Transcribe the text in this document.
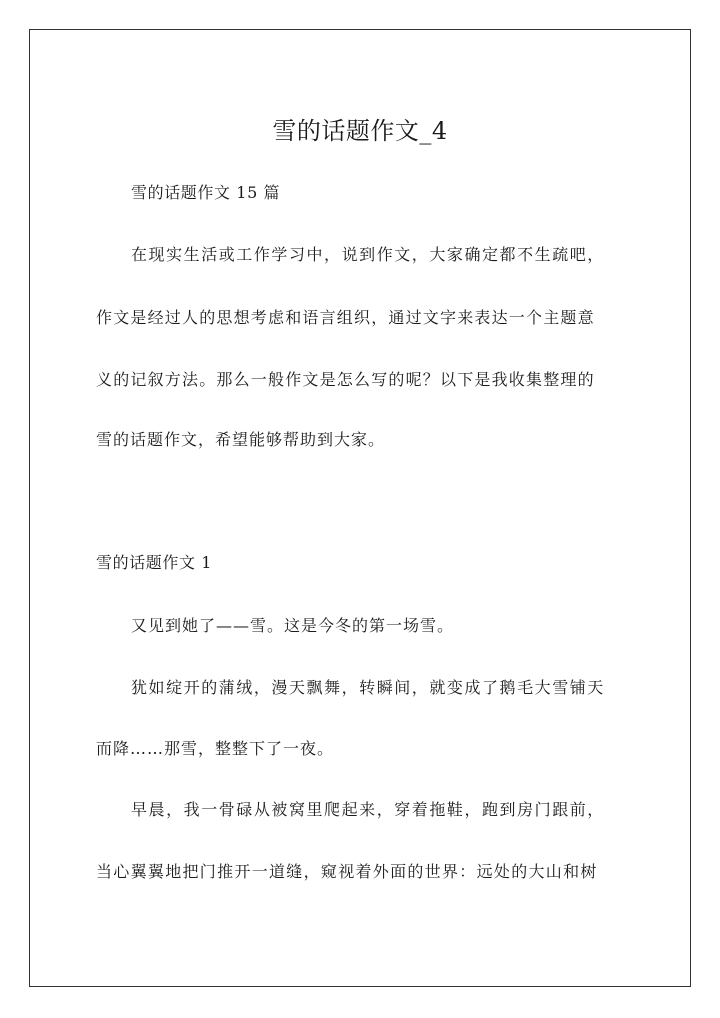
雪的话题作文_4
雪的话题作文 15 篇
在现实生活或工作学习中，说到作文，大家确定都不生疏吧，
作文是经过人的思想考虑和语言组织，通过文字来表达一个主题意
义的记叙方法。那么一般作文是怎么写的呢？以下是我收集整理的
雪的话题作文，希望能够帮助到大家。
雪的话题作文 1
又见到她了——雪。这是今冬的第一场雪。
犹如绽开的蒲绒，漫天飘舞，转瞬间，就变成了鹅毛大雪铺天
而降……那雪，整整下了一夜。
早晨，我一骨碌从被窝里爬起来，穿着拖鞋，跑到房门跟前，
当心翼翼地把门推开一道缝，窥视着外面的世界：远处的大山和树
